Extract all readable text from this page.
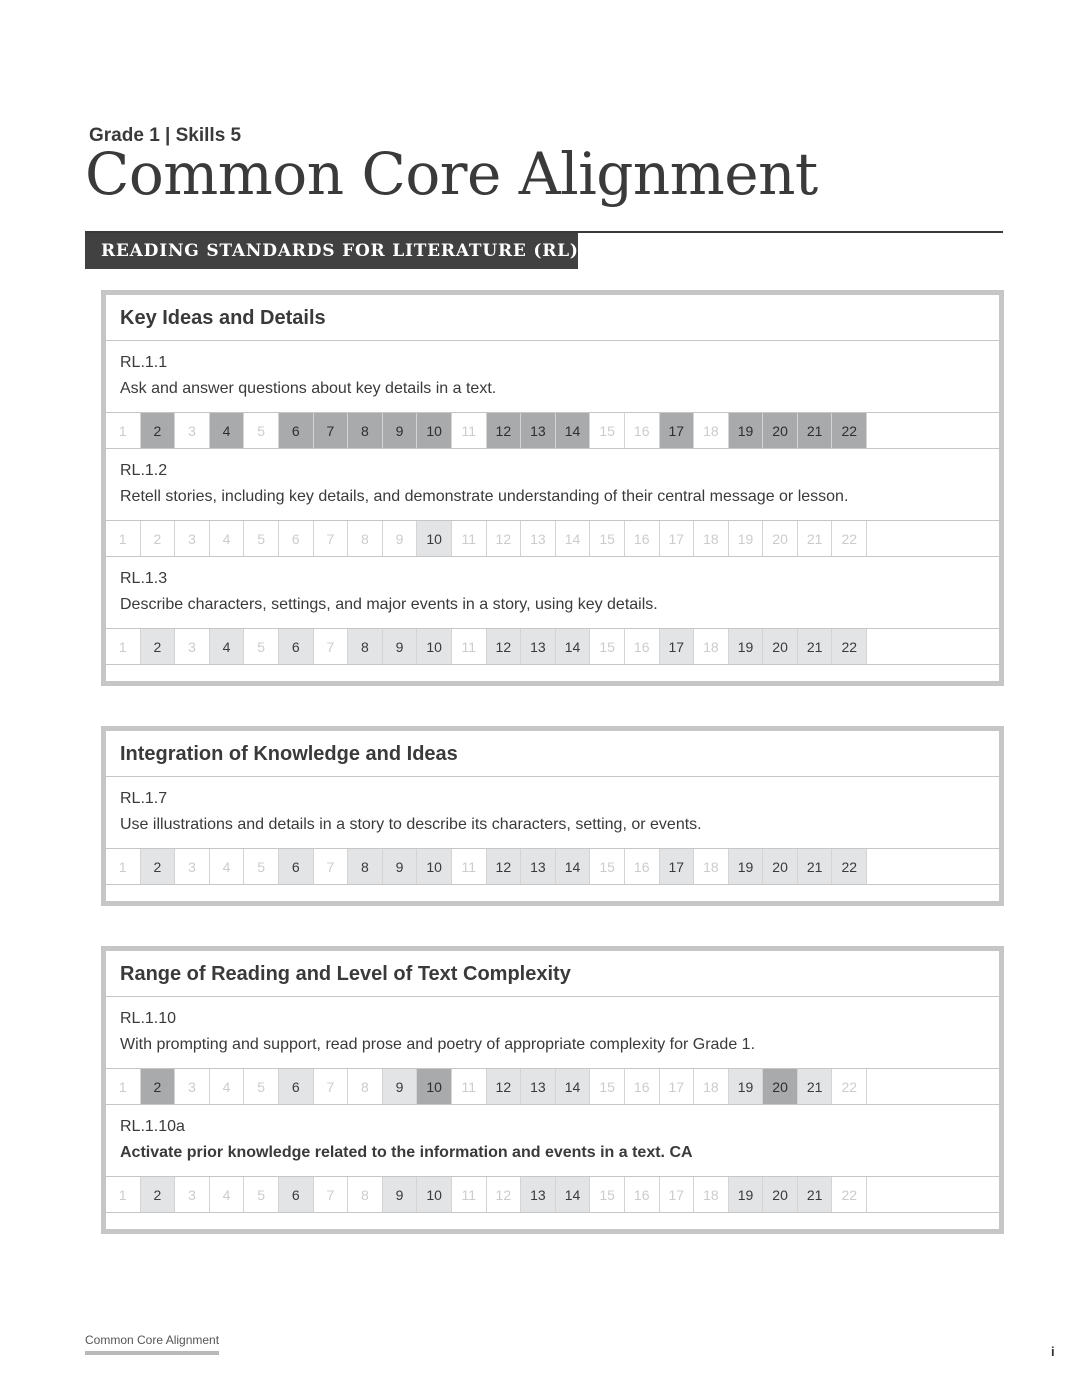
Grade 1 | Skills 5
Common Core Alignment
READING STANDARDS FOR LITERATURE (RL)
Key Ideas and Details
RL.1.1
Ask and answer questions about key details in a text.
1	2	3	4	5	6	7	8	9	10	11	12	13	14	15	16	17	18	19	20	21	22
RL.1.2
Retell stories, including key details, and demonstrate understanding of their central message or lesson.
1	2	3	4	5	6	7	8	9	10	11	12	13	14	15	16	17	18	19	20	21	22
RL.1.3
Describe characters, settings, and major events in a story, using key details.
1	2	3	4	5	6	7	8	9	10	11	12	13	14	15	16	17	18	19	20	21	22
Integration of Knowledge and Ideas
RL.1.7
Use illustrations and details in a story to describe its characters, setting, or events.
1	2	3	4	5	6	7	8	9	10	11	12	13	14	15	16	17	18	19	20	21	22
Range of Reading and Level of Text Complexity
RL.1.10
With prompting and support, read prose and poetry of appropriate complexity for Grade 1.
1	2	3	4	5	6	7	8	9	10	11	12	13	14	15	16	17	18	19	20	21	22
RL.1.10a
Activate prior knowledge related to the information and events in a text. CA
1	2	3	4	5	6	7	8	9	10	11	12	13	14	15	16	17	18	19	20	21	22
Common Core Alignment
i
